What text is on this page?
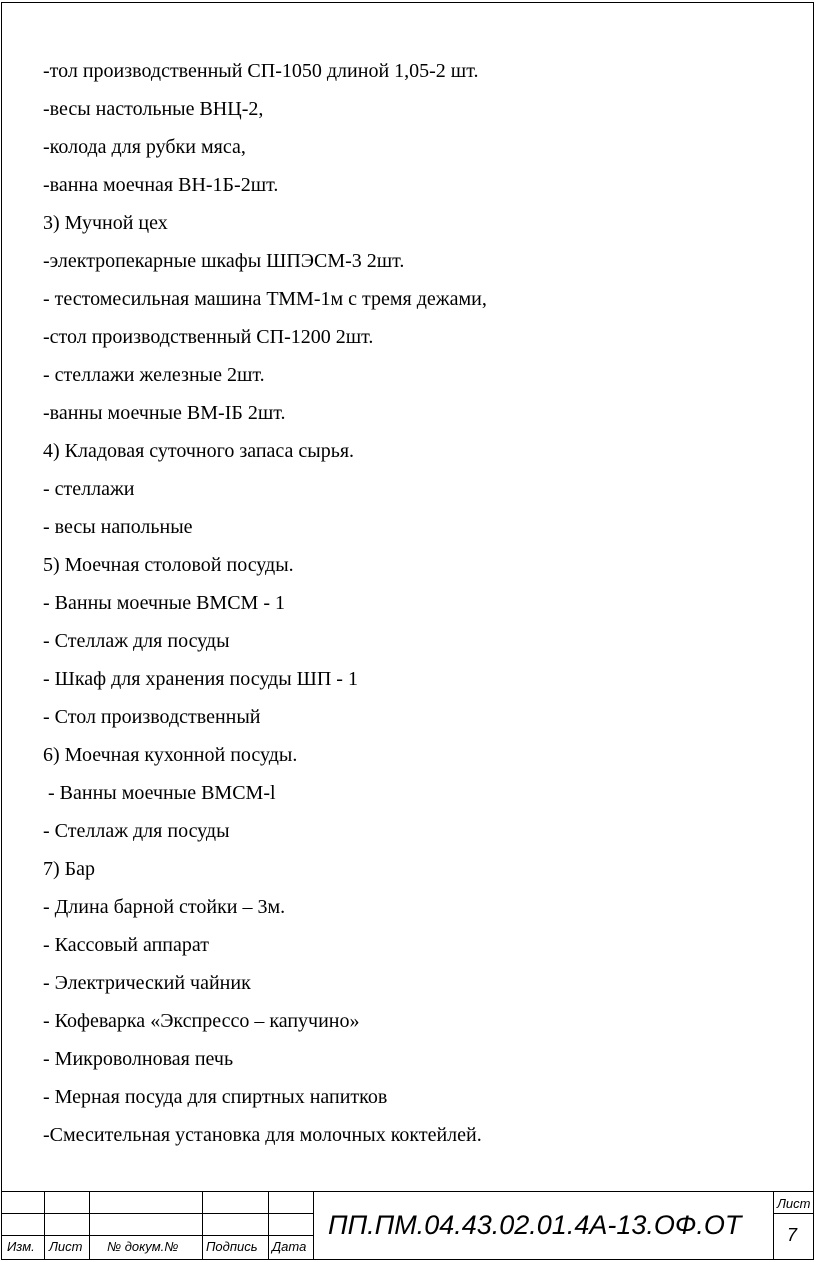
-тол производственный СП-1050 длиной 1,05-2 шт.
-весы настольные ВНЦ-2,
-колода для рубки мяса,
-ванна моечная ВН-1Б-2шт.
3) Мучной цех
-электропекарные шкафы ШПЭСМ-3 2шт.
- тестомесильная машина ТММ-1м с тремя дежами,
-стол производственный СП-1200 2шт.
- стеллажи железные 2шт.
-ванны моечные ВМ-IБ 2шт.
4) Кладовая суточного запаса сырья.
- стеллажи
- весы напольные
5) Моечная столовой посуды.
- Ванны моечные ВМСМ - 1
- Стеллаж для посуды
- Шкаф для хранения посуды ШП - 1
- Стол производственный
6) Моечная кухонной посуды.
- Ванны моечные ВМСМ-l
- Стеллаж для посуды
7) Бар
- Длина барной стойки – 3м.
- Кассовый аппарат
- Электрический чайник
- Кофеварка «Экспрессо – капучино»
- Микроволновая печь
- Мерная посуда для спиртных напитков
-Смесительная установка для молочных коктейлей.
Изм. Лист № докум.№ Подпись Дата
ПП.ПМ.04.43.02.01.4А-13.ОФ.ОТ
Лист
7
